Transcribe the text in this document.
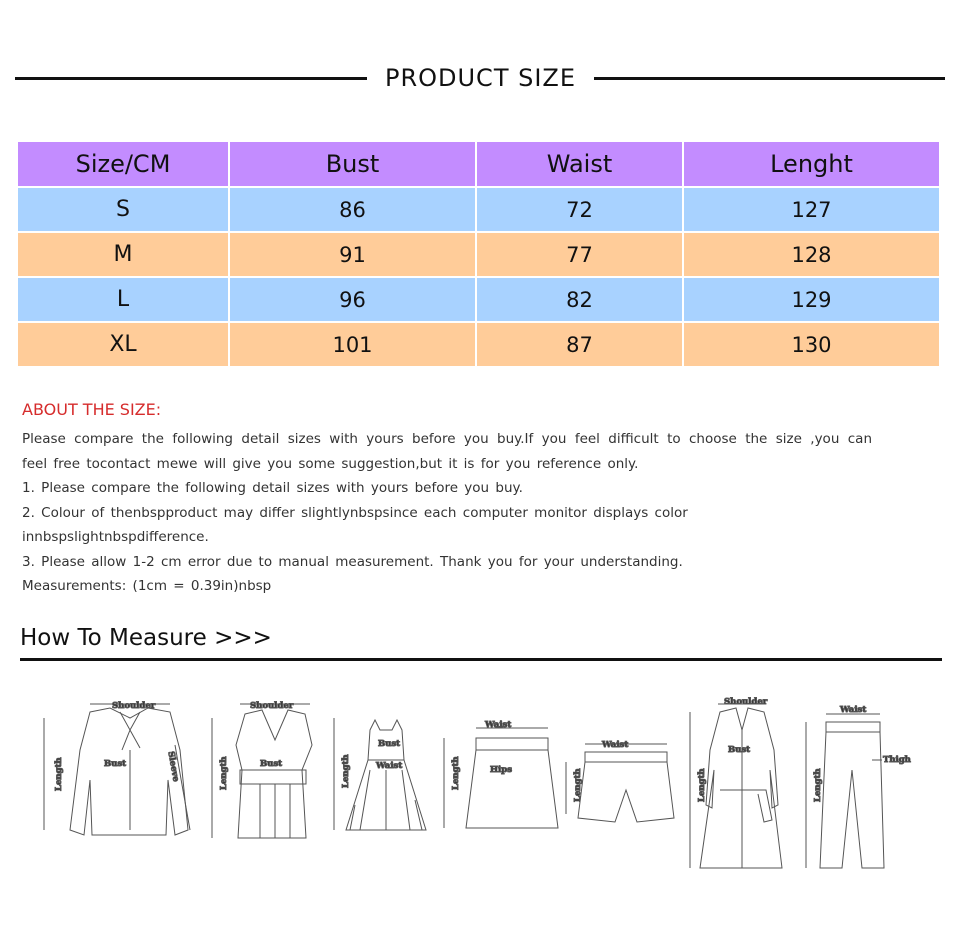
PRODUCT SIZE
Size/CM	Bust	Waist	Lenght
S	86	72	127
M	91	77	128
L	96	82	129
XL	101	87	130
ABOUT THE SIZE:

Please compare the following detail sizes with yours before you buy.If you feel difficult to choose the size ,you can

feel free tocontact mewe will give you some suggestion,but it is for you reference only.

1. Please compare the following detail sizes with yours before you buy.

2. Colour of thenbspproduct may differ slightlynbspsince each computer monitor displays color

innbspslightnbspdifference.

3. Please allow 1-2 cm error due to manual measurement. Thank you for your understanding.

Measurements: (1cm = 0.39in)nbsp

How To Measure >>>
Shoulder
Bust
Length	Sleeve
Shoulder
Bust
Length
Bust
Waist
Length
Waist
Hips
Length
Waist
Length
Shoulder
Bust
Length
Waist
Thigh
Length
